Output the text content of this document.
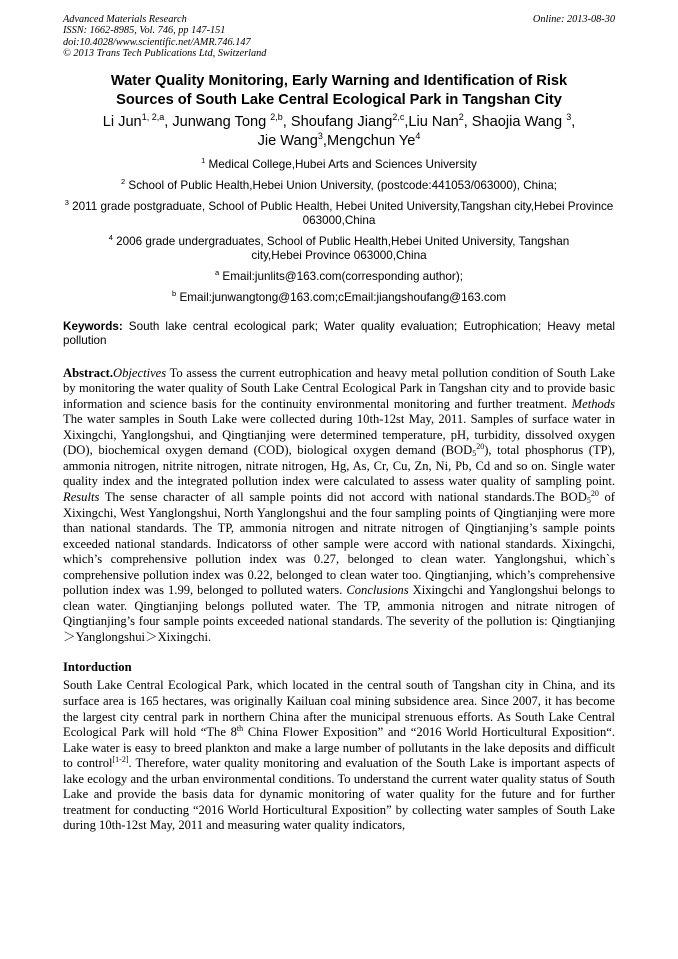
Advanced Materials Research
ISSN: 1662-8985, Vol. 746, pp 147-151
doi:10.4028/www.scientific.net/AMR.746.147
© 2013 Trans Tech Publications Ltd, Switzerland
Online: 2013-08-30
Water Quality Monitoring, Early Warning and Identification of Risk
Sources of South Lake Central Ecological Park in Tangshan City
Li Jun$^{1, 2,a}$, Junwang Tong $^{2,b}$, Shoufang Jiang$^{2,c}$,Liu Nan$^2$, Shaojia Wang $^3$,
Jie Wang$^3$,Mengchun Ye$^4$
$^1$ Medical College,Hubei Arts and Sciences University
$^2$ School of Public Health,Hebei Union University, (postcode:441053/063000), China;
$^3$ 2011 grade postgraduate, School of Public Health, Hebei United University,Tangshan city,Hebei Province 063000,China
$^4$ 2006 grade undergraduates, School of Public Health,Hebei United University, Tangshan city,Hebei Province 063000,China
$^a$ Email:junlits@163.com(corresponding author);
$^b$ Email:junwangtong@163.com;cEmail:jiangshoufang@163.com
Keywords: South lake central ecological park; Water quality evaluation; Eutrophication; Heavy metal pollution
Abstract.Objectives To assess the current eutrophication and heavy metal pollution condition of South Lake by monitoring the water quality of South Lake Central Ecological Park in Tangshan city and to provide basic information and science basis for the continuity environmental monitoring and further treatment. Methods The water samples in South Lake were collected during 10th-12st May, 2011. Samples of surface water in Xixingchi, Yanglongshui, and Qingtianjing were determined temperature, pH, turbidity, dissolved oxygen (DO), biochemical oxygen demand (COD), biological oxygen demand $(BOD_5^{20})$, total phosphorus (TP), ammonia nitrogen, nitrite nitrogen, nitrate nitrogen, Hg, As, Cr, Cu, Zn, Ni, Pb, Cd and so on. Single water quality index and the integrated pollution index were calculated to assess water quality of sampling point. Results The sense character of all sample points did not accord with national standards.The $BOD_5^{20}$ of Xixingchi, West Yanglongshui, North Yanglongshui and the four sampling points of Qingtianjing were more than national standards. The TP, ammonia nitrogen and nitrate nitrogen of Qingtianjing’s sample points exceeded national standards. Indicatorss of other sample were accord with national standards. Xixingchi, which’s comprehensive pollution index was 0.27, belonged to clean water. Yanglongshui, which`s comprehensive pollution index was 0.22, belonged to clean water too. Qingtianjing, which’s comprehensive pollution index was 1.99, belonged to polluted waters. Conclusions Xixingchi and Yanglongshui belongs to clean water. Qingtianjing belongs polluted water. The TP, ammonia nitrogen and nitrate nitrogen of Qingtianjing’s four sample points exceeded national standards. The severity of the pollution is: Qingtianjing＞Yanglongshui＞Xixingchi.
Intorduction
South Lake Central Ecological Park, which located in the central south of Tangshan city in China, and its surface area is 165 hectares, was originally Kailuan coal mining subsidence area. Since 2007, it has become the largest city central park in northern China after the municipal strenuous efforts. As South Lake Central Ecological Park will hold “The 8th China Flower Exposition” and “2016 World Horticultural Exposition“. Lake water is easy to breed plankton and make a large number of pollutants in the lake deposits and difficult to control[1-2]. Therefore, water quality monitoring and evaluation of the South Lake is important aspects of lake ecology and the urban environmental conditions. To understand the current water quality status of South Lake and provide the basis data for dynamic monitoring of water quality for the future and for further treatment for conducting “2016 World Horticultural Exposition” by collecting water samples of South Lake during 10th-12st May, 2011 and measuring water quality indicators,
